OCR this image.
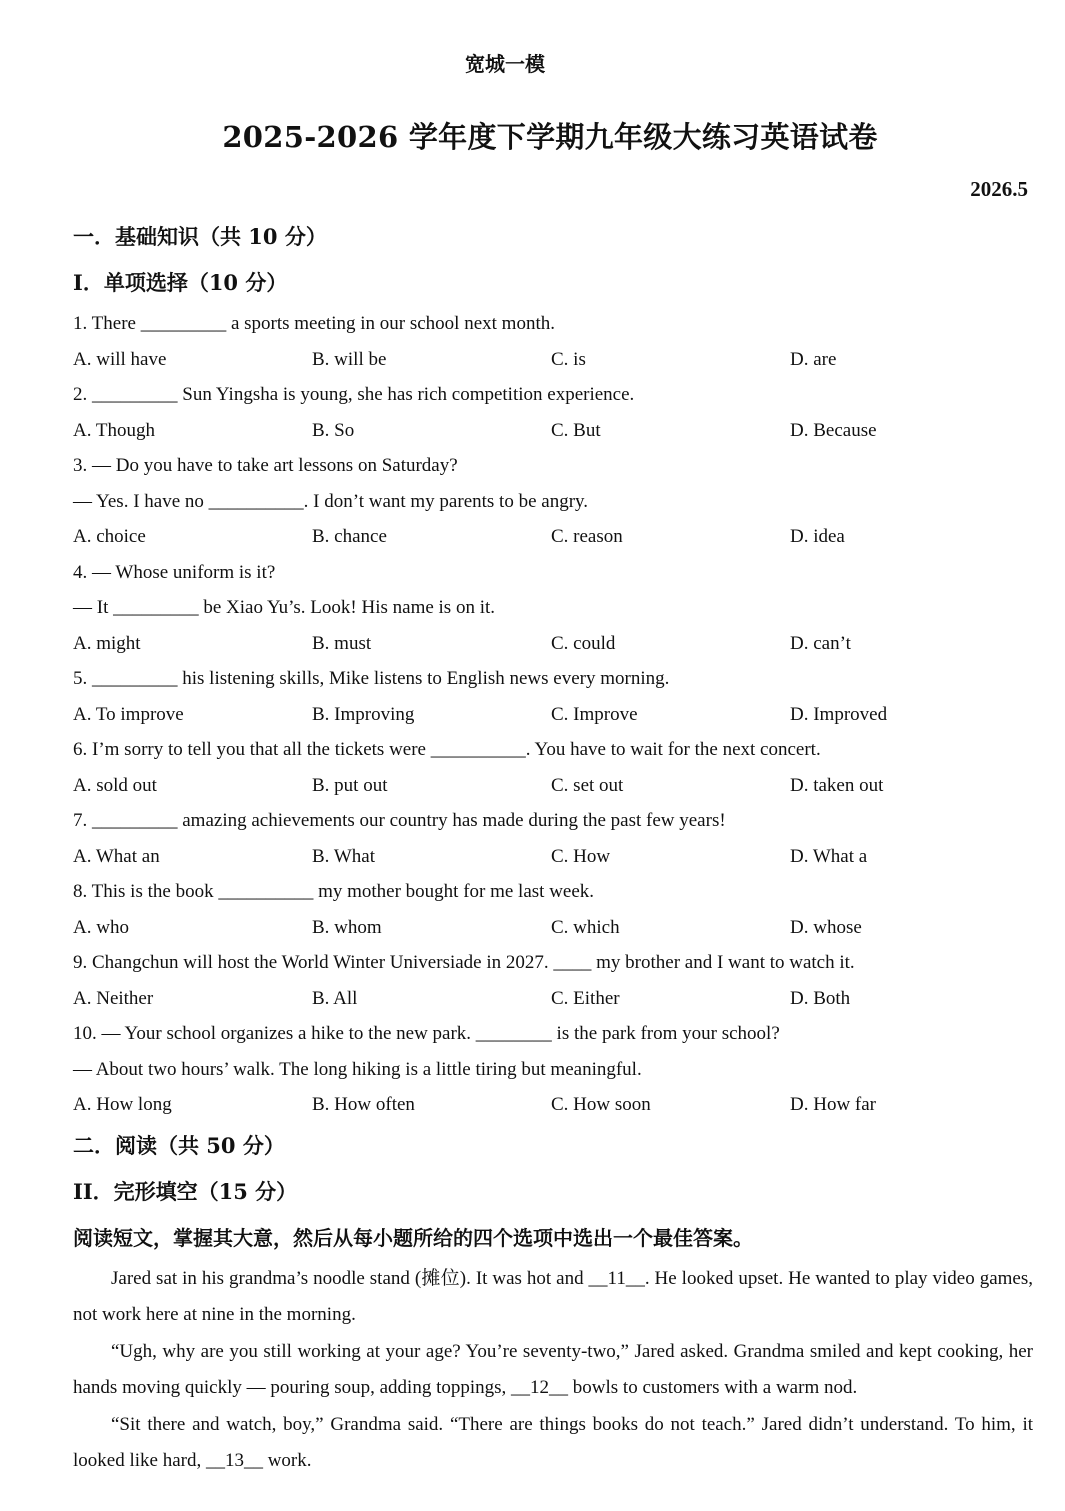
宽城一模
2025-2026 学年度下学期九年级大练习英语试卷
2026.5
一．基础知识（共 10 分）
I．单项选择（10 分）
1. There _________ a sports meeting in our school next month.
A. will have	B. will be	C. is	D. are
2. _________ Sun Yingsha is young, she has rich competition experience.
A. Though	B. So	C. But	D. Because
3. — Do you have to take art lessons on Saturday?
— Yes. I have no __________. I don’t want my parents to be angry.
A. choice	B. chance	C. reason	D. idea
4. — Whose uniform is it?
— It _________ be Xiao Yu’s. Look! His name is on it.
A. might	B. must	C. could	D. can’t
5. _________ his listening skills, Mike listens to English news every morning.
A. To improve	B. Improving	C. Improve	D. Improved
6. I’m sorry to tell you that all the tickets were __________. You have to wait for the next concert.
A. sold out	B. put out	C. set out	D. taken out
7. _________ amazing achievements our country has made during the past few years!
A. What an	B. What	C. How	D. What a
8. This is the book __________ my mother bought for me last week.
A. who	B. whom	C. which	D. whose
9. Changchun will host the World Winter Universiade in 2027. ____ my brother and I want to watch it.
A. Neither	B. All	C. Either	D. Both
10. — Your school organizes a hike to the new park. ________ is the park from your school?
— About two hours’ walk. The long hiking is a little tiring but meaningful.
A. How long	B. How often	C. How soon	D. How far
二．阅读（共 50 分）
II．完形填空（15 分）
阅读短文，掌握其大意，然后从每小题所给的四个选项中选出一个最佳答案。

Jared sat in his grandma’s noodle stand (摊位). It was hot and __11__. He looked upset. He wanted to play video games, not work here at nine in the morning.

“Ugh, why are you still working at your age? You’re seventy-two,” Jared asked. Grandma smiled and kept cooking, her hands moving quickly — pouring soup, adding toppings, __12__ bowls to customers with a warm nod.

“Sit there and watch, boy,” Grandma said. “There are things books do not teach.” Jared didn’t understand. To him, it looked like hard, __13__ work.
